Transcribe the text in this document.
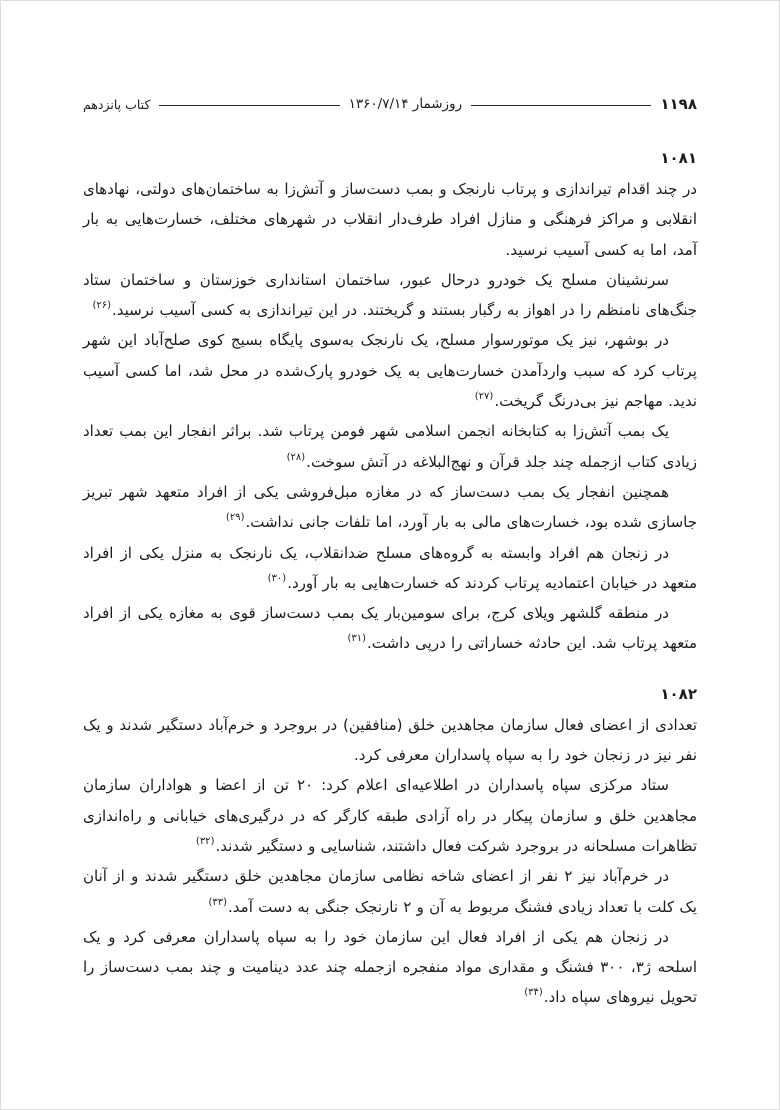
۱۱۹۸
روزشمار ۱۳۶۰/۷/۱۴
کتاب پانزدهم
۱۰۸۱

در چند اقدام تیراندازی و پرتاب نارنجک و بمب دست‌ساز و آتش‌زا به ساختمان‌های دولتی، نهادهای انقلابی و مراکز فرهنگی و منازل افراد طرف‌دار انقلاب در شهرهای مختلف، خسارت‌هایی به بار آمد، اما به کسی آسیب نرسید.

سرنشینان مسلح یک خودرو درحال عبور، ساختمان استانداری خوزستان و ساختمان ستاد جنگ‌های نامنظم را در اهواز به رگبار بستند و گریختند. در این تیراندازی به کسی آسیب نرسید.$^{(۲۶)}$

در بوشهر، نیز یک موتورسوار مسلح، یک نارنجک به‌سوی پایگاه بسیج کوی صلح‌آباد این شهر پرتاب کرد که سبب واردآمدن خسارت‌هایی به یک خودرو پارک‌شده در محل شد، اما کسی آسیب ندید. مهاجم نیز بی‌درنگ گریخت.$^{(۲۷)}$

یک بمب آتش‌زا به کتابخانه انجمن اسلامی شهر فومن پرتاب شد. براثر انفجار این بمب تعداد زیادی کتاب ازجمله چند جلد قرآن و نهج‌البلاغه در آتش سوخت.$^{(۲۸)}$

همچنین انفجار یک بمب دست‌ساز که در مغازه مبل‌فروشی یکی از افراد متعهد شهر تبریز جاسازی شده بود، خسارت‌های مالی به بار آورد، اما تلفات جانی نداشت.$^{(۲۹)}$

در زنجان هم افراد وابسته به گروه‌های مسلح ضدانقلاب، یک نارنجک به منزل یکی از افراد متعهد در خیابان اعتمادیه پرتاب کردند که خسارت‌هایی به بار آورد.$^{(۳۰)}$

در منطقه گلشهر ویلای کرج، برای سومین‌بار یک بمب دست‌ساز قوی به مغازه یکی از افراد متعهد پرتاب شد. این حادثه خساراتی را درپی داشت.$^{(۳۱)}$

۱۰۸۲

تعدادی از اعضای فعال سازمان مجاهدین خلق (منافقین) در بروجرد و خرم‌آباد دستگیر شدند و یک نفر نیز در زنجان خود را به سپاه پاسداران معرفی کرد.

ستاد مرکزی سپاه پاسداران در اطلاعیه‌ای اعلام کرد: ۲۰ تن از اعضا و هواداران سازمان مجاهدین خلق و سازمان پیکار در راه آزادی طبقه کارگر که در درگیری‌های خیابانی و راه‌اندازی تظاهرات مسلحانه در بروجرد شرکت فعال داشتند، شناسایی و دستگیر شدند.$^{(۳۲)}$

در خرم‌آباد نیز ۲ نفر از اعضای شاخه نظامی سازمان مجاهدین خلق دستگیر شدند و از آنان یک کلت با تعداد زیادی فشنگ مربوط به آن و ۲ نارنجک جنگی به دست آمد.$^{(۳۳)}$

در زنجان هم یکی از افراد فعال این سازمان خود را به سپاه پاسداران معرفی کرد و یک اسلحه ژ۳، ۳۰۰ فشنگ و مقداری مواد منفجره ازجمله چند عدد دینامیت و چند بمب دست‌ساز را تحویل نیروهای سپاه داد.$^{(۳۴)}$
